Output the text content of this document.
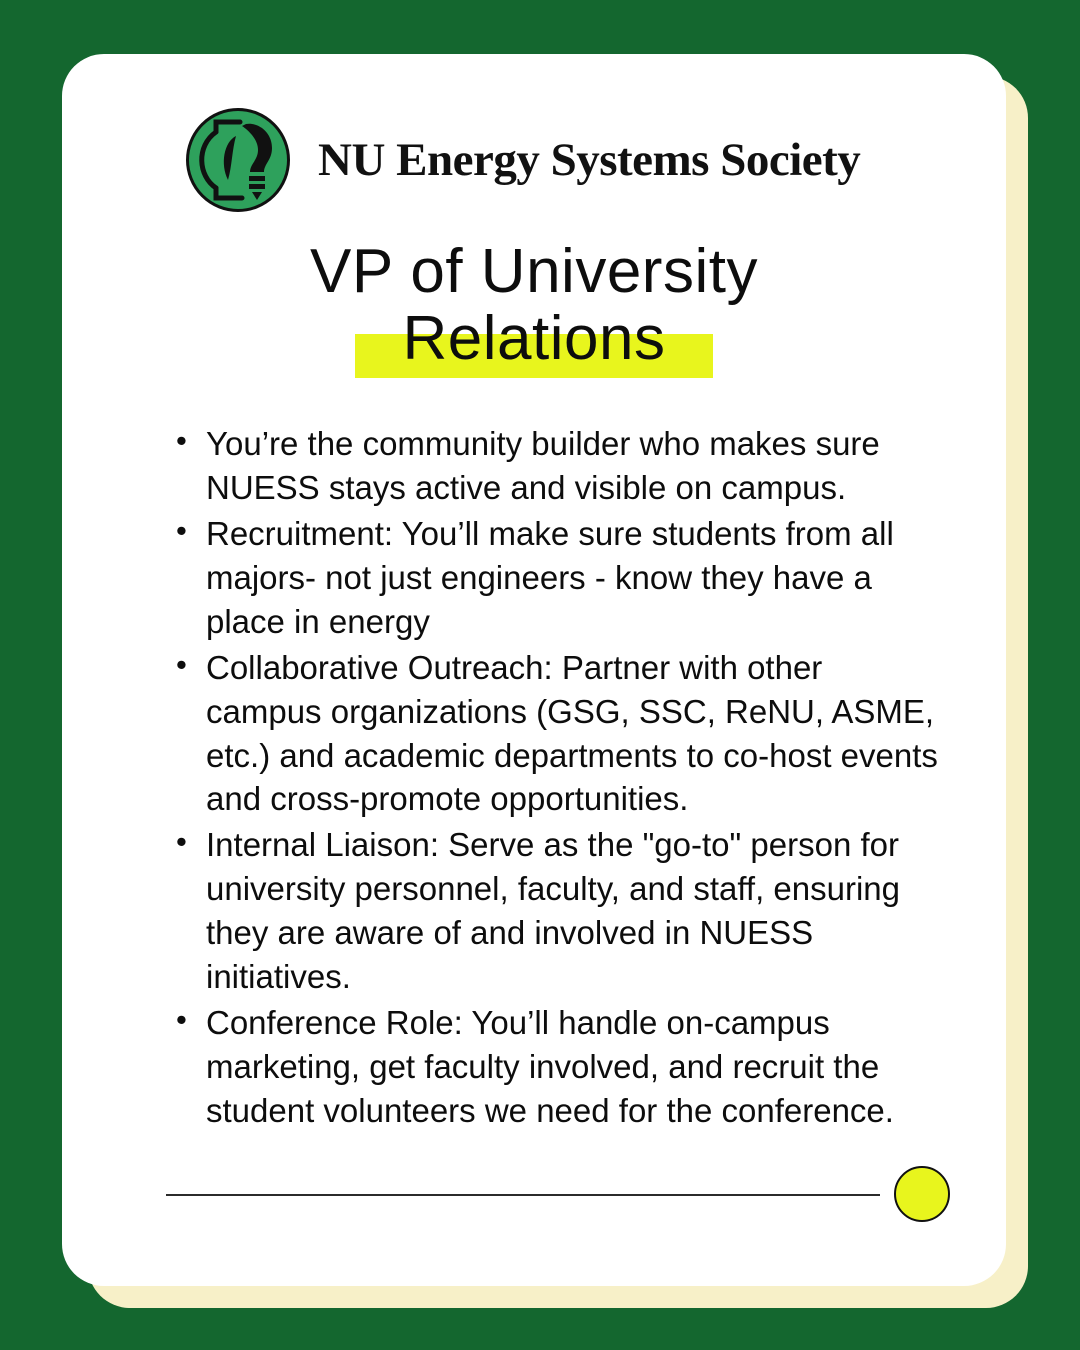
NU Energy Systems Society
VP of University
Relations
• You’re the community builder who makes sure NUESS stays active and visible on campus.
• Recruitment: You’ll make sure students from all majors- not just engineers - know they have a place in energy
• Collaborative Outreach: Partner with other campus organizations (GSG, SSC, ReNU, ASME, etc.) and academic departments to co-host events and cross-promote opportunities.
• Internal Liaison: Serve as the "go-to" person for university personnel, faculty, and staff, ensuring they are aware of and involved in NUESS initiatives.
• Conference Role: You’ll handle on-campus marketing, get faculty involved, and recruit the student volunteers we need for the conference.
